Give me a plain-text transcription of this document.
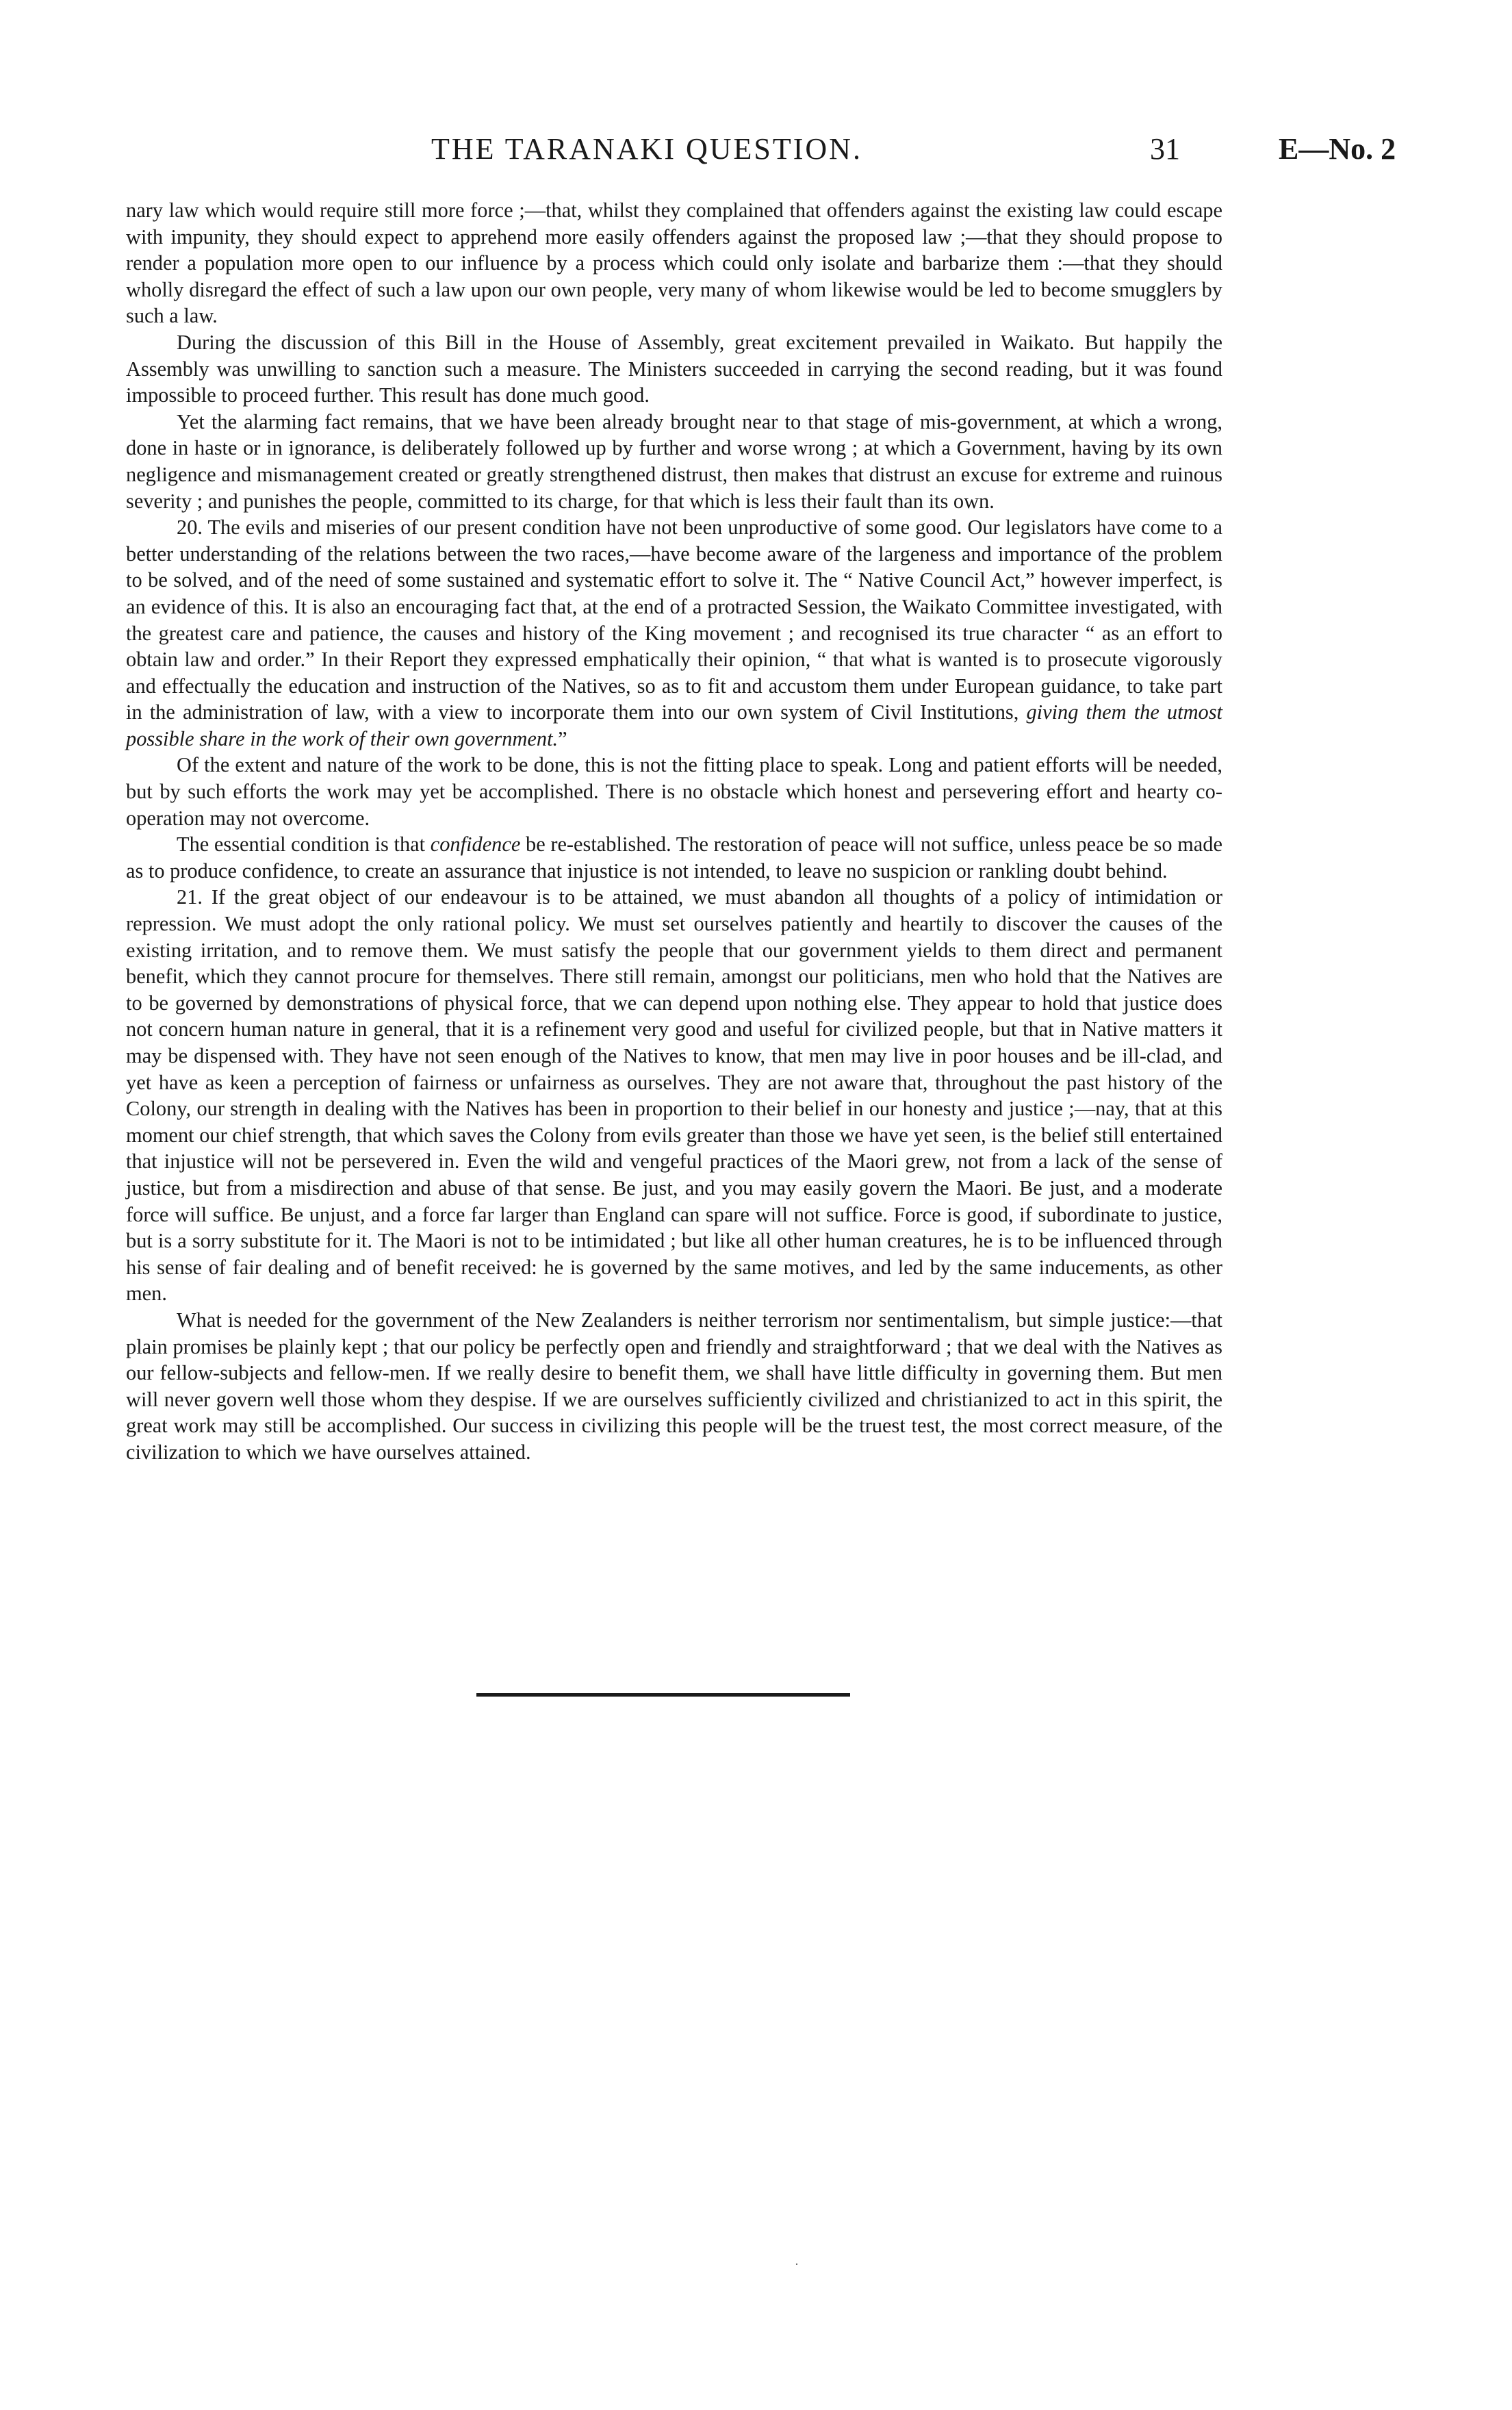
THE TARANAKI QUESTION.	31	E—No. 2

nary law which would require still more force ;—that, whilst they complained that offenders against the existing law could escape with impunity, they should expect to apprehend more easily offenders against the proposed law ;—that they should propose to render a population more open to our influence by a process which could only isolate and barbarize them :—that they should wholly disregard the effect of such a law upon our own people, very many of whom likewise would be led to become smugglers by such a law.

During the discussion of this Bill in the House of Assembly, great excitement prevailed in Waikato. But happily the Assembly was unwilling to sanction such a measure. The Ministers succeeded in carrying the second reading, but it was found impossible to proceed further. This result has done much good.

Yet the alarming fact remains, that we have been already brought near to that stage of mis-government, at which a wrong, done in haste or in ignorance, is deliberately followed up by further and worse wrong ; at which a Government, having by its own negligence and mismanagement created or greatly strengthened distrust, then makes that distrust an excuse for extreme and ruinous severity ; and punishes the people, committed to its charge, for that which is less their fault than its own.

20. The evils and miseries of our present condition have not been unproductive of some good. Our legislators have come to a better understanding of the relations between the two races,—have become aware of the largeness and importance of the problem to be solved, and of the need of some sustained and systematic effort to solve it. The “ Native Council Act,” however imperfect, is an evidence of this. It is also an encouraging fact that, at the end of a protracted Session, the Waikato Committee investigated, with the greatest care and patience, the causes and history of the King movement ; and recognised its true character “ as an effort to obtain law and order.” In their Report they expressed emphatically their opinion, “ that what is wanted is to prosecute vigorously and effectually the education and instruction of the Natives, so as to fit and accustom them under European guidance, to take part in the administration of law, with a view to incorporate them into our own system of Civil Institutions, giving them the utmost possible share in the work of their own government.”

Of the extent and nature of the work to be done, this is not the fitting place to speak. Long and patient efforts will be needed, but by such efforts the work may yet be accomplished. There is no obstacle which honest and persevering effort and hearty co-operation may not overcome.

The essential condition is that confidence be re-established. The restoration of peace will not suffice, unless peace be so made as to produce confidence, to create an assurance that injustice is not intended, to leave no suspicion or rankling doubt behind.

21. If the great object of our endeavour is to be attained, we must abandon all thoughts of a policy of intimidation or repression. We must adopt the only rational policy. We must set ourselves patiently and heartily to discover the causes of the existing irritation, and to remove them. We must satisfy the people that our government yields to them direct and permanent benefit, which they cannot procure for themselves. There still remain, amongst our politicians, men who hold that the Natives are to be governed by demonstrations of physical force, that we can depend upon nothing else. They appear to hold that justice does not concern human nature in general, that it is a refinement very good and useful for civilized people, but that in Native matters it may be dispensed with. They have not seen enough of the Natives to know, that men may live in poor houses and be ill-clad, and yet have as keen a perception of fairness or unfairness as ourselves. They are not aware that, throughout the past history of the Colony, our strength in dealing with the Natives has been in proportion to their belief in our honesty and justice ;—nay, that at this moment our chief strength, that which saves the Colony from evils greater than those we have yet seen, is the belief still entertained that injustice will not be persevered in. Even the wild and vengeful practices of the Maori grew, not from a lack of the sense of justice, but from a misdirection and abuse of that sense. Be just, and you may easily govern the Maori. Be just, and a moderate force will suffice. Be unjust, and a force far larger than England can spare will not suffice. Force is good, if subordinate to justice, but is a sorry substitute for it. The Maori is not to be intimidated ; but like all other human creatures, he is to be influenced through his sense of fair dealing and of benefit received: he is governed by the same motives, and led by the same inducements, as other men.

What is needed for the government of the New Zealanders is neither terrorism nor sentimentalism, but simple justice:—that plain promises be plainly kept ; that our policy be perfectly open and friendly and straightforward ; that we deal with the Natives as our fellow-subjects and fellow-men. If we really desire to benefit them, we shall have little difficulty in governing them. But men will never govern well those whom they despise. If we are ourselves sufficiently civilized and christianized to act in this spirit, the great work may still be accomplished. Our success in civilizing this people will be the truest test, the most correct measure, of the civilization to which we have ourselves attained.

·
